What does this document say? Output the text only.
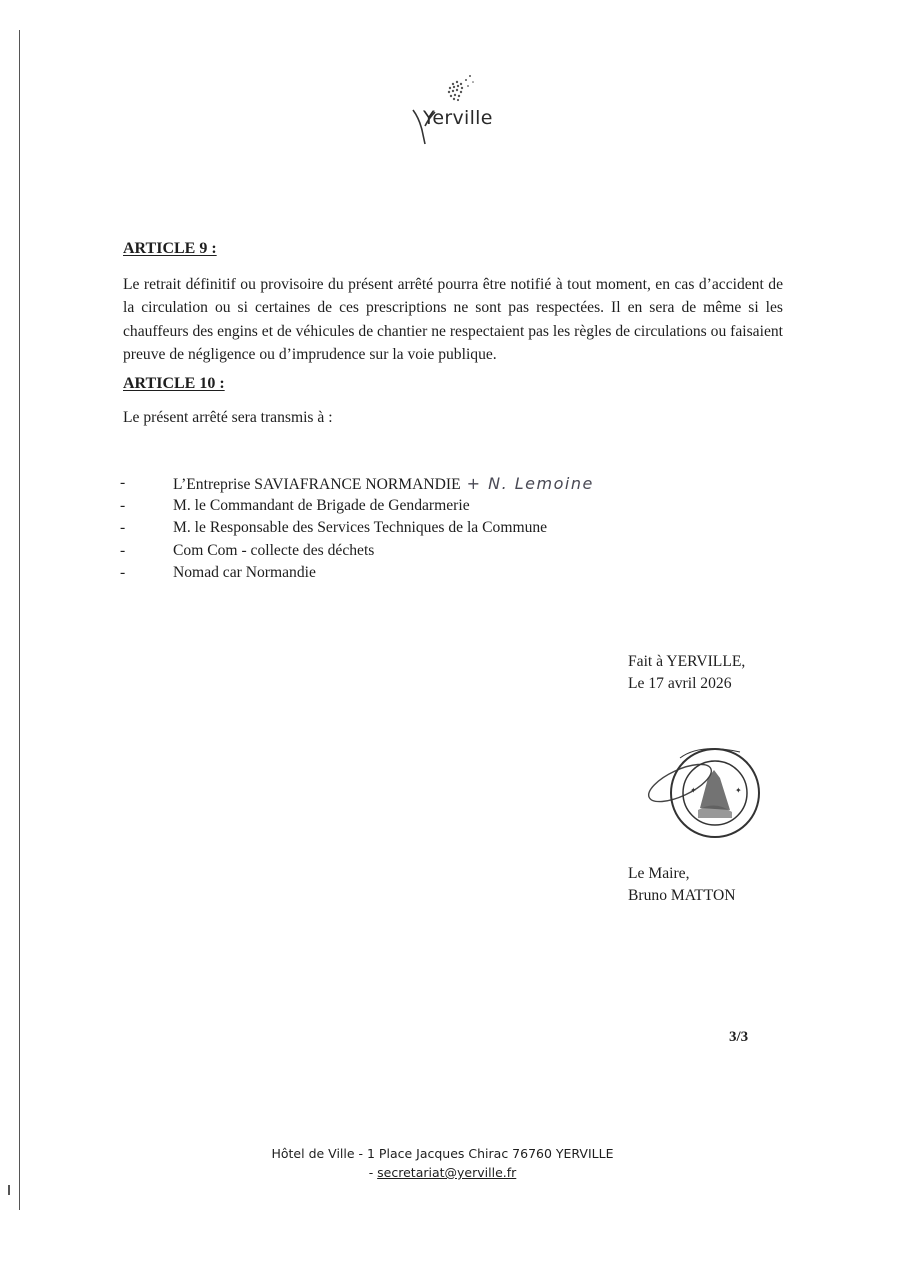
Yerville
ARTICLE 9 :

Le retrait définitif ou provisoire du présent arrêté pourra être notifié à tout moment, en cas d’accident de la circulation ou si certaines de ces prescriptions ne sont pas respectées. Il en sera de même si les chauffeurs des engins et de véhicules de chantier ne respectaient pas les règles de circulations ou faisaient preuve de négligence ou d’imprudence sur la voie publique.

ARTICLE 10 :

Le présent arrêté sera transmis à :

-	L’Entreprise SAVIAFRANCE NORMANDIE + N. Lemoine
-	M. le Commandant de Brigade de Gendarmerie
-	M. le Responsable des Services Techniques de la Commune
-	Com Com - collecte des déchets
-	Nomad car Normandie
Fait à YERVILLE,
Le 17 avril 2026
✦	✦
Le Maire,
Bruno MATTON
3/3
Hôtel de Ville - 1 Place Jacques Chirac 76760 YERVILLE
- secretariat@yerville.fr
